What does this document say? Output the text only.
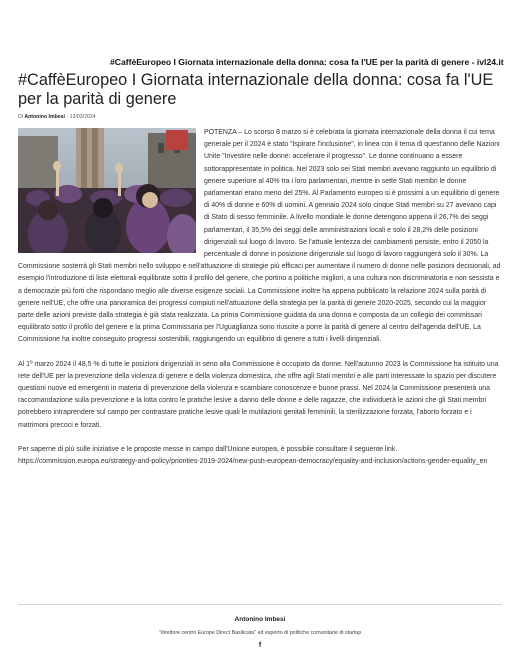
#CaffèEuropeo I Giornata internazionale della donna: cosa fa l'UE per la parità di genere - ivl24.it
#CaffèEuropeo I Giornata internazionale della donna: cosa fa l'UE per la parità di genere
Di Antonino Imbesi - 13/03/2024

POTENZA – Lo scorso 8 marzo si è celebrata la giornata internazionale della donna il cui tema generale per il 2024 è stato "Ispirare l'inclusione", in linea con il tema di quest'anno delle Nazioni Unite "Investire nelle donne: accelerare il progresso". Le donne continuano a essere sottorappresentate in politica. Nel 2023 solo sei Stati membri avevano raggiunto un equilibrio di genere superiore al 40% tra i loro parlamentari, mentre in sette Stati membri le donne parlamentari erano meno del 25%. Al Parlamento europeo si è prossimi a un equilibrio di genere di 40% di donne e 60% di uomini. A gennaio 2024 solo cinque Stati membri su 27 avevano capi di Stato di sesso femminile. A livello mondiale le donne detengono appena il 26,7% dei seggi parlamentari, il 35,5% dei seggi delle amministrazioni locali e solo il 28,2% delle posizioni dirigenziali sul luogo di lavoro. Se l'attuale lentezza dei cambiamenti persiste, entro il 2050 la percentuale di donne in posizione dirigenziale sul luogo di lavoro raggiungerà solo il 30%. La Commissione sosterrà gli Stati membri nello sviluppo e nell'attuazione di strategie più efficaci per aumentare il numero di donne nelle posizioni decisionali, ad esempio l'introduzione di liste elettorali equilibrate sotto il profilo del genere, che portino a politiche migliori, a una cultura non discriminatoria e non sessista e a democrazie più forti che rispondano meglio alle diverse esigenze sociali. La Commissione inoltre ha appena pubblicato la relazione 2024 sulla parità di genere nell'UE, che offre una panoramica dei progressi compiuti nell'attuazione della strategia per la parità di genere 2020-2025, secondo cui la maggior parte delle azioni previste dalla strategia è già stata realizzata. La prima Commissione guidata da una donna e composta da un collegio dei commissari equilibrato sotto il profilo del genere e la prima Commissaria per l'Uguaglianza sono riuscite a porre la parità di genere al centro dell'agenda dell'UE. La Commissione ha inoltre conseguito progressi sostenibili, raggiungendo un equilibrio di genere a tutti i livelli dirigenziali.

Al 1º marzo 2024 il 48,5 % di tutte le posizioni dirigenziali in seno alla Commissione è occupato da donne. Nell'autunno 2023 la Commissione ha istituito una rete dell'UE per la prevenzione della violenza di genere e della violenza domestica, che offre agli Stati membri e alle parti interessate lo spazio per discutere questioni nuove ed emergenti in materia di prevenzione della violenza e scambiare conoscenze e buone prassi. Nel 2024 la Commissione presenterà una raccomandazione sulla prevenzione e la lotta contro le pratiche lesive a danno delle donne e delle ragazze, che individuerà le azioni che gli Stati membri potrebbero intraprendere sul campo per contrastare pratiche lesive quali le mutilazioni genitali femminili, la sterilizzazione forzata, l'aborto forzato e i matrimoni precoci e forzati.

Per saperne di più sulle iniziative e le proposte messe in campo dall'Unione europea, è possibile consultare il seguente link.
https://commission.europa.eu/strategy-and-policy/priorities-2019-2024/new-push-european-democracy/equality-and-inclusion/actions-gender-equality_en

Antonino Imbesi
"direttore centro Europe Direct Basilicata" ed esperto di politiche comunitarie di startup
f
